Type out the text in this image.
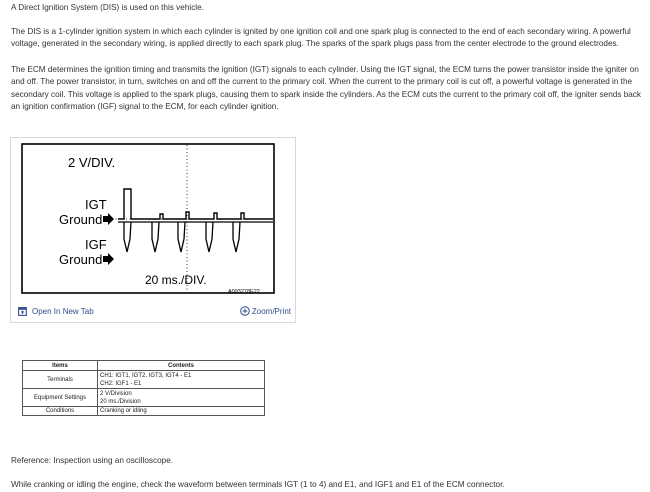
A Direct Ignition System (DIS) is used on this vehicle.

The DIS is a 1-cylinder ignition system in which each cylinder is ignited by one ignition coil and one spark plug is connected to the end of each secondary wiring. A powerful voltage, generated in the secondary wiring, is applied directly to each spark plug. The sparks of the spark plugs pass from the center electrode to the ground electrodes.

The ECM determines the ignition timing and transmits the ignition (IGT) signals to each cylinder. Using the IGT signal, the ECM turns the power transistor inside the igniter on and off. The power transistor, in turn, switches on and off the current to the primary coil. When the current to the primary coil is cut off, a powerful voltage is generated in the secondary coil. This voltage is applied to the spark plugs, causing them to spark inside the cylinders. As the ECM cuts the current to the primary coil off, the igniter sends back an ignition confirmation (IGF) signal to the ECM, for each cylinder ignition.

2 V/DIV.
IGT
Ground
IGF
Ground
20 ms./DIV.
A093278E22
Open In New Tab	Zoom/Print
Items	Contents
Terminals	CH1: IGT1, IGT2, IGT3, IGT4 - E1
CH2: IGF1 - E1
Equipment Settings	2 V/Division
20 ms./Division
Conditions	Cranking or idling

Reference: Inspection using an oscilloscope.

While cranking or idling the engine, check the waveform between terminals IGT (1 to 4) and E1, and IGF1 and E1 of the ECM connector.
